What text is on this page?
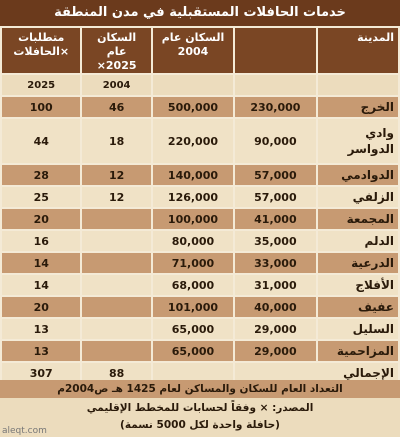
خدمات الحافلات المستقبلية في مدن المنطقة
المدينة		السكان عام 2004	السكان عام 2025×	متطلبات ×الحافلات
			2004	2025
الخرج	230,000	500,000	46	100
وادي الدواسر	90,000	220,000	18	44
الدوادمي	57,000	140,000	12	28
الزلفي	57,000	126,000	12	25
المجمعة	41,000	100,000		20
الدلم	35,000	80,000		16
الدرعية	33,000	71,000		14
الأفلاج	31,000	68,000		14
عفيف	40,000	101,000		20
السليل	29,000	65,000		13
المزاحمية	29,000	65,000		13
الإجمالي			88	307
التعداد العام للسكان والمساكن لعام 1425 هـ ص2004م
المصدر: × وفقاً لحسابات للمخطط الإقليمي
(حافلة واحدة لكل 5000 نسمة)
aleqt.com
